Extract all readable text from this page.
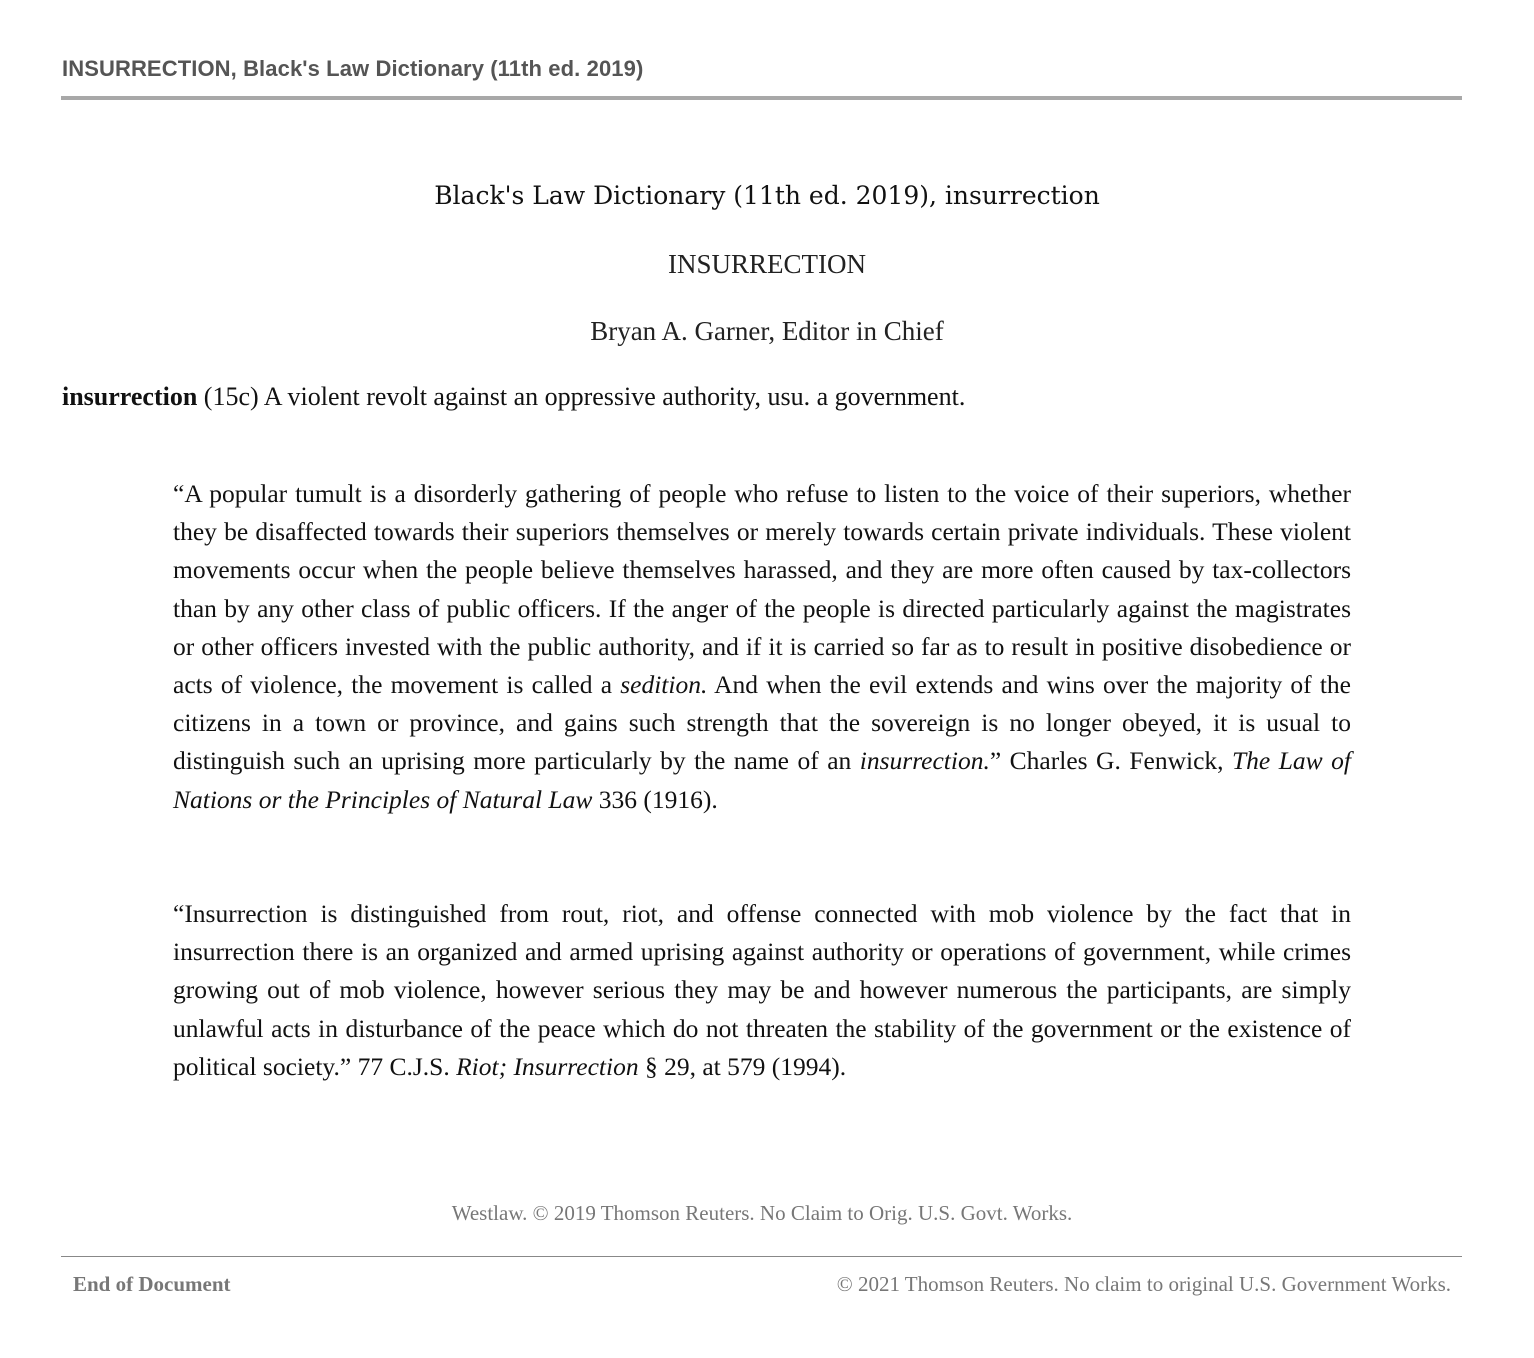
INSURRECTION, Black's Law Dictionary (11th ed. 2019)
Black's Law Dictionary (11th ed. 2019), insurrection
INSURRECTION
Bryan A. Garner, Editor in Chief
insurrection (15c) A violent revolt against an oppressive authority, usu. a government.
“A popular tumult is a disorderly gathering of people who refuse to listen to the voice of their superiors, whether they be disaffected towards their superiors themselves or merely towards certain private individuals. These violent movements occur when the people believe themselves harassed, and they are more often caused by tax-collectors than by any other class of public officers. If the anger of the people is directed particularly against the magistrates or other officers invested with the public authority, and if it is carried so far as to result in positive disobedience or acts of violence, the movement is called a sedition. And when the evil extends and wins over the majority of the citizens in a town or province, and gains such strength that the sovereign is no longer obeyed, it is usual to distinguish such an uprising more particularly by the name of an insurrection.” Charles G. Fenwick, The Law of Nations or the Principles of Natural Law 336 (1916).
“Insurrection is distinguished from rout, riot, and offense connected with mob violence by the fact that in insurrection there is an organized and armed uprising against authority or operations of government, while crimes growing out of mob violence, however serious they may be and however numerous the participants, are simply unlawful acts in disturbance of the peace which do not threaten the stability of the government or the existence of political society.” 77 C.J.S. Riot; Insurrection § 29, at 579 (1994).
Westlaw. © 2019 Thomson Reuters. No Claim to Orig. U.S. Govt. Works.
End of Document	© 2021 Thomson Reuters. No claim to original U.S. Government Works.
